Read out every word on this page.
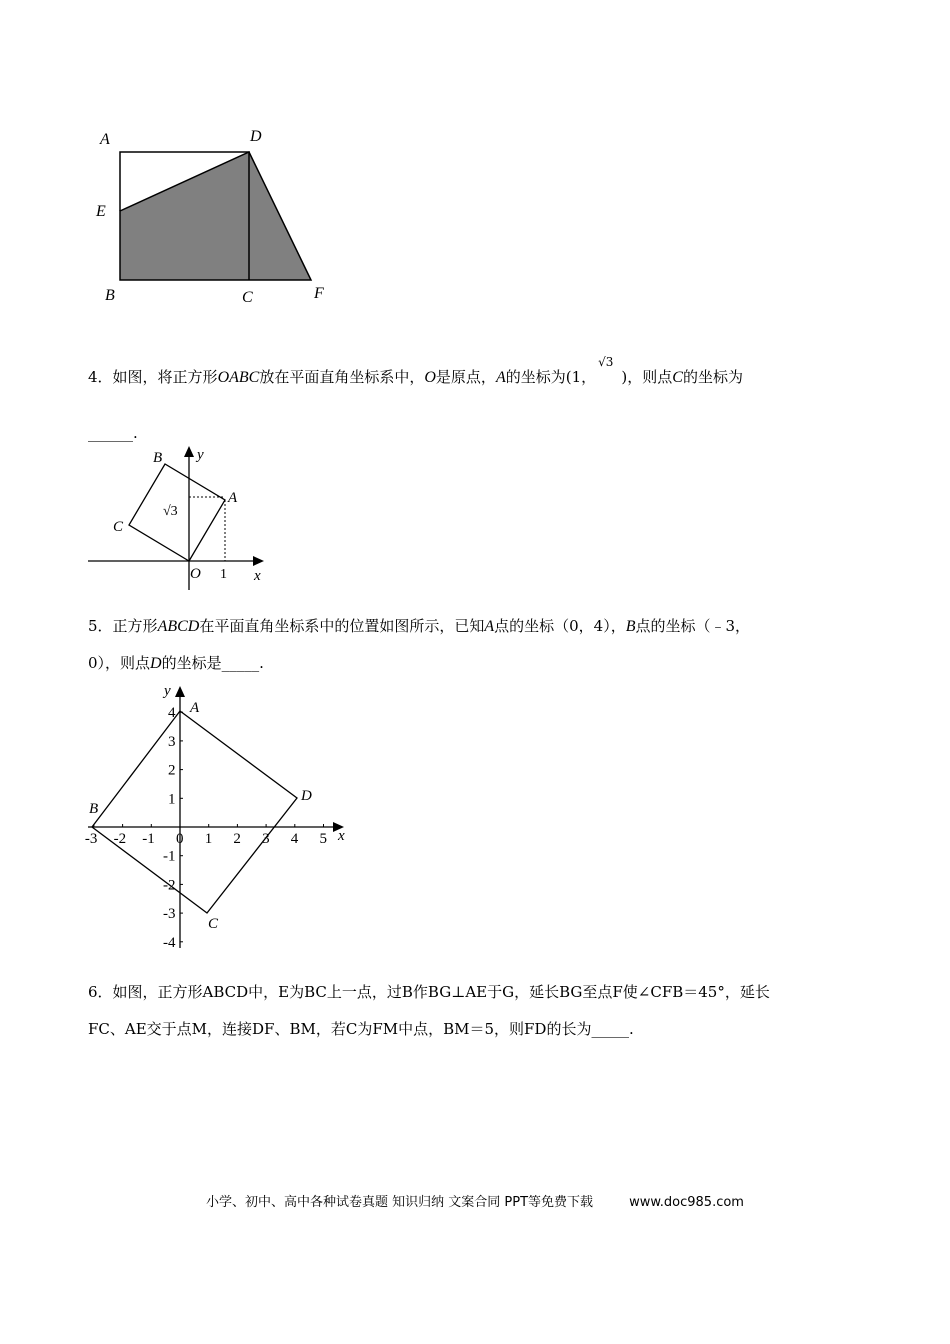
A	D
E
B	C	F

4．如图，将正方形OABC放在平面直角坐标系中，O是原点，A的坐标为(1，$^{√3}$)，则点C的坐标为

______.

B y
A
√3
C
O 1 x

5．正方形ABCD在平面直角坐标系中的位置如图所示，已知A点的坐标（0，4），B点的坐标（﹣3，
0），则点D的坐标是_____.

-3 -2 -1 0 1 2 3 4 5
1
2
3
4
-1
-2
-3
-4
y
A
B
D
C
x

6．如图，正方形ABCD中，E为BC上一点，过B作BG⊥AE于G，延长BG至点F使∠CFB＝45°，延长
FC、AE交于点M，连接DF、BM，若C为FM中点，BM＝5，则FD的长为_____.

小学、初中、高中各种试卷真题 知识归纳 文案合同 PPT等免费下载	www.doc985.com
